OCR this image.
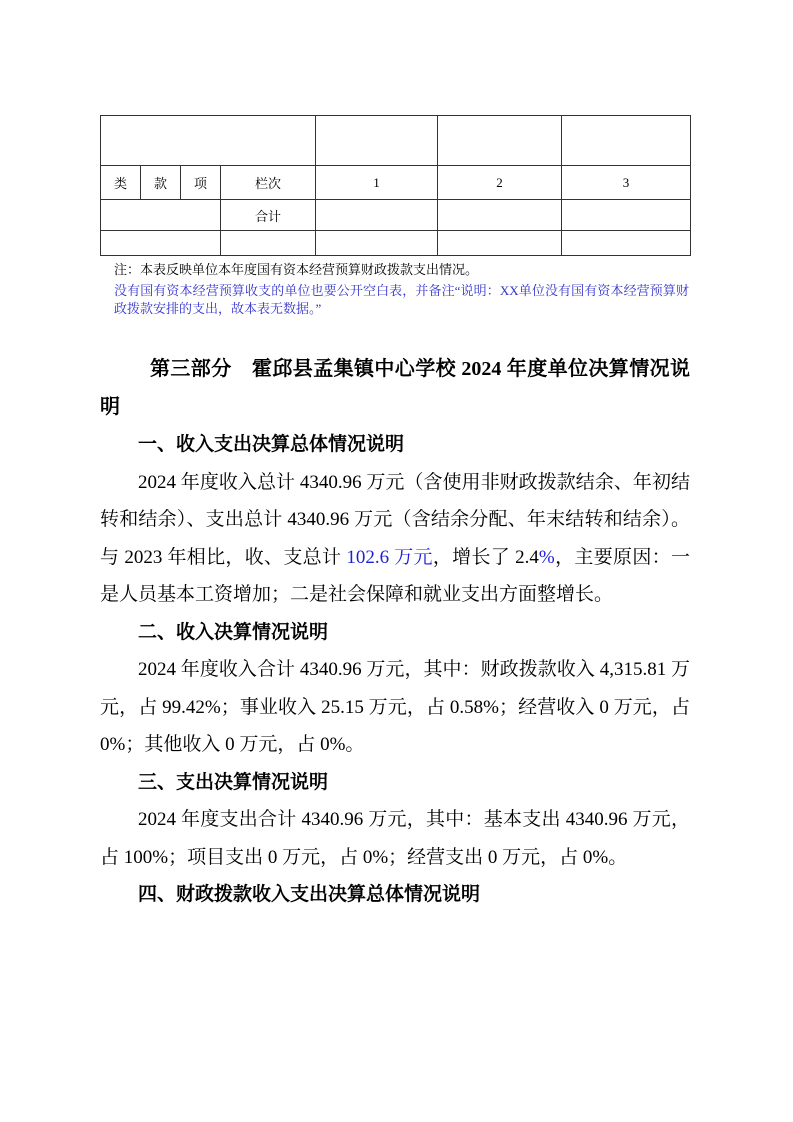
类	款	项	栏次	1	2	3
			合计			

注：本表反映单位本年度国有资本经营预算财政拨款支出情况。

没有国有资本经营预算收支的单位也要公开空白表，并备注“说明：XX单位没有国有资本经营预算财政拨款安排的支出，故本表无数据。”

第三部分　霍邱县孟集镇中心学校 2024 年度单位决算情况说明

一、收入支出决算总体情况说明

2024 年度收入总计 4340.96 万元（含使用非财政拨款结余、年初结转和结余）、支出总计 4340.96 万元（含结余分配、年末结转和结余）。与 2023 年相比，收、支总计 102.6 万元，增长了 2.4%，主要原因：一是人员基本工资增加；二是社会保障和就业支出方面整增长。

二、收入决算情况说明

2024 年度收入合计 4340.96 万元，其中：财政拨款收入 4,315.81 万元，占 99.42%；事业收入 25.15 万元，占 0.58%；经营收入 0 万元，占 0%；其他收入 0 万元，占 0%。

三、支出决算情况说明

2024 年度支出合计 4340.96 万元，其中：基本支出 4340.96 万元，占 100%；项目支出 0 万元，占 0%；经营支出 0 万元，占 0%。

四、财政拨款收入支出决算总体情况说明
